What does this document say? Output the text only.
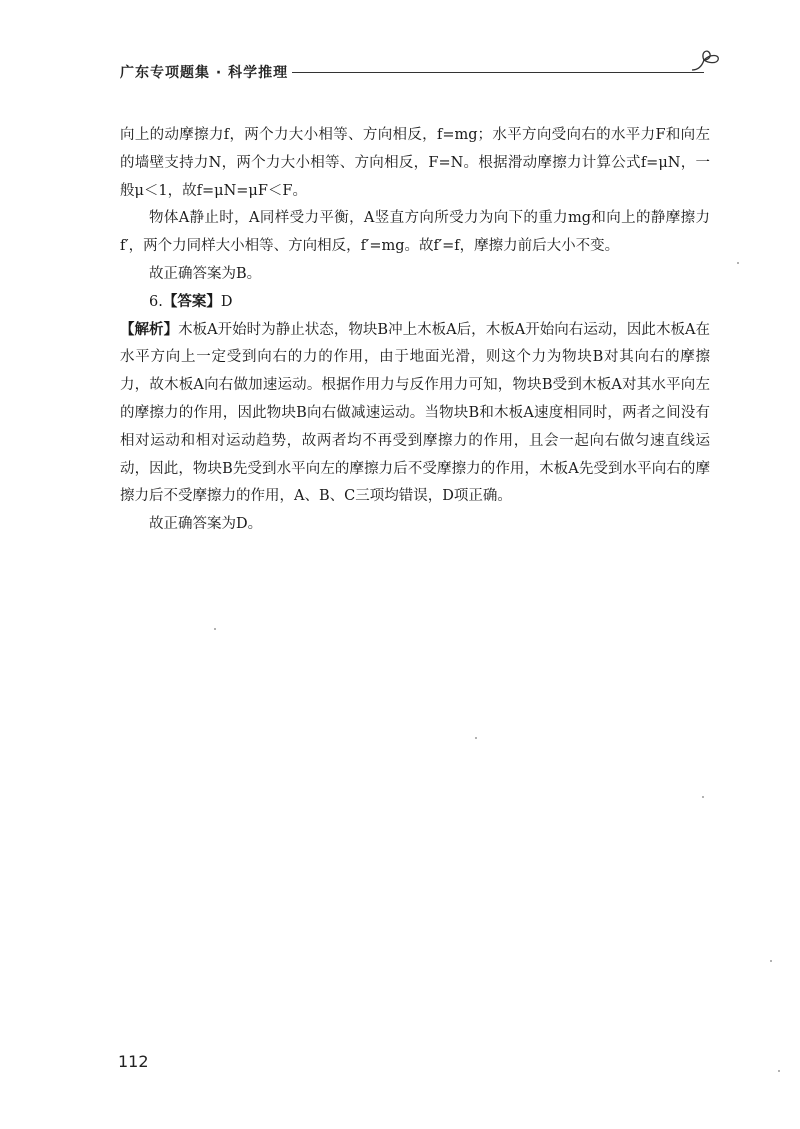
广东专项题集 · 科学推理

向上的动摩擦力f，两个力大小相等、方向相反，f=mg；水平方向受向右的水平力F和向左的墙壁支持力N，两个力大小相等、方向相反，F=N。根据滑动摩擦力计算公式f=μN，一般μ＜1，故f=μN=μF＜F。

物体A静止时，A同样受力平衡，A竖直方向所受力为向下的重力mg和向上的静摩擦力f′，两个力同样大小相等、方向相反，f′=mg。故f′=f，摩擦力前后大小不变。

故正确答案为B。

6.【答案】D

【解析】木板A开始时为静止状态，物块B冲上木板A后，木板A开始向右运动，因此木板A在水平方向上一定受到向右的力的作用，由于地面光滑，则这个力为物块B对其向右的摩擦力，故木板A向右做加速运动。根据作用力与反作用力可知，物块B受到木板A对其水平向左的摩擦力的作用，因此物块B向右做减速运动。当物块B和木板A速度相同时，两者之间没有相对运动和相对运动趋势，故两者均不再受到摩擦力的作用，且会一起向右做匀速直线运动，因此，物块B先受到水平向左的摩擦力后不受摩擦力的作用，木板A先受到水平向右的摩擦力后不受摩擦力的作用，A、B、C三项均错误，D项正确。

故正确答案为D。

112
